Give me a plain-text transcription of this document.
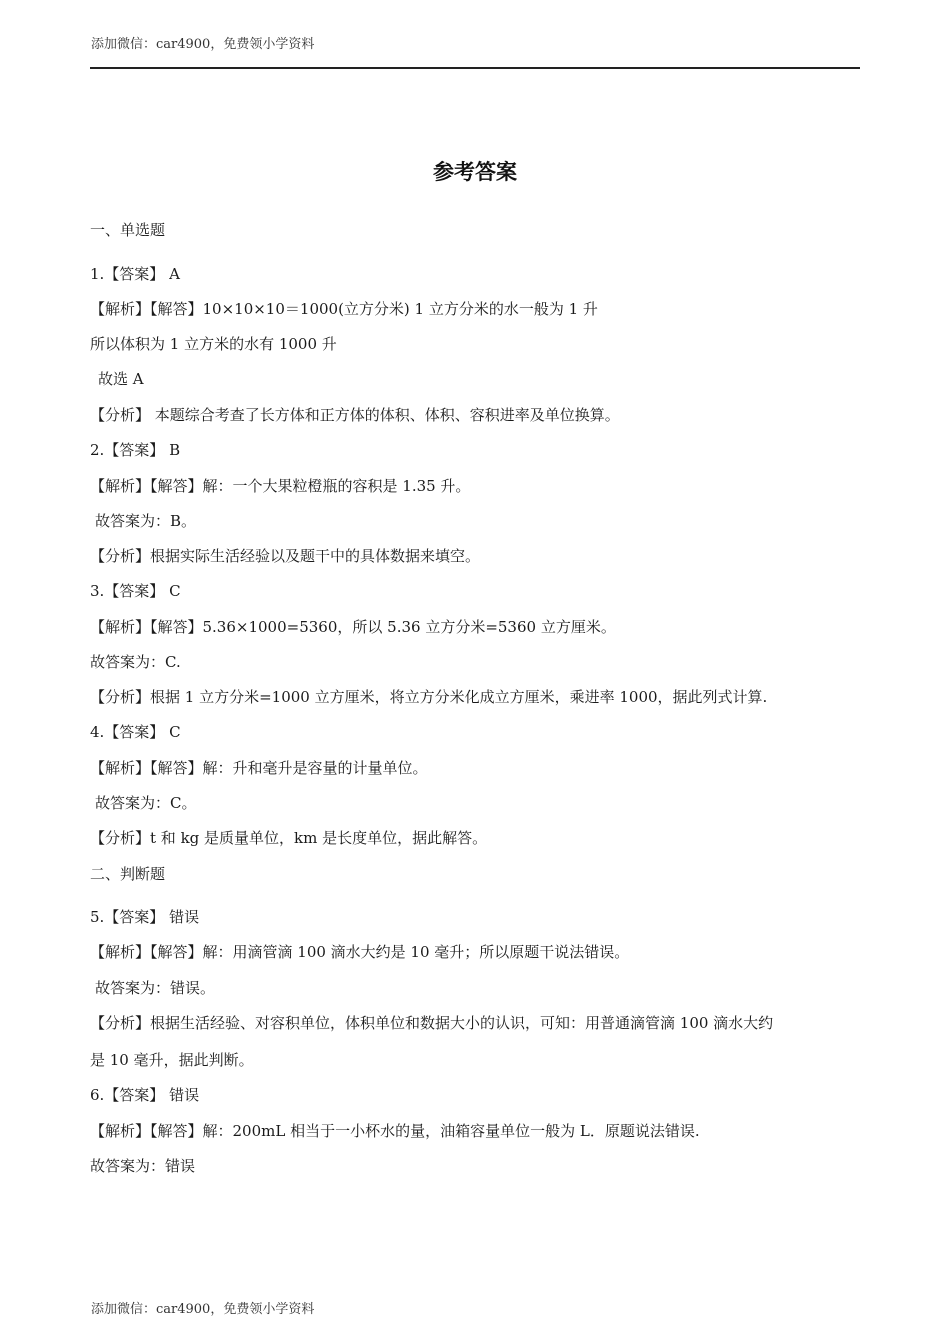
添加微信：car4900，免费领小学资料
参考答案
一、单选题
1.【答案】 A
【解析】【解答】10×10×10＝1000(立方分米) 1 立方分米的水一般为 1 升
所以体积为 1 立方米的水有 1000 升
故选 A
【分析】 本题综合考查了长方体和正方体的体积、体积、容积进率及单位换算。
2.【答案】 B
【解析】【解答】解：一个大果粒橙瓶的容积是 1.35 升。
故答案为：B。
【分析】根据实际生活经验以及题干中的具体数据来填空。
3.【答案】 C
【解析】【解答】5.36×1000=5360，所以 5.36 立方分米=5360 立方厘米。
故答案为：C.
【分析】根据 1 立方分米=1000 立方厘米，将立方分米化成立方厘米，乘进率 1000，据此列式计算.
4.【答案】 C
【解析】【解答】解：升和毫升是容量的计量单位。
故答案为：C。
【分析】t 和 kg 是质量单位，km 是长度单位，据此解答。
二、判断题
5.【答案】 错误
【解析】【解答】解：用滴管滴 100 滴水大约是 10 毫升；所以原题干说法错误。
故答案为：错误。
【分析】根据生活经验、对容积单位，体积单位和数据大小的认识，可知：用普通滴管滴 100 滴水大约
是 10 毫升，据此判断。
6.【答案】 错误
【解析】【解答】解：200mL 相当于一小杯水的量，油箱容量单位一般为 L．原题说法错误.
故答案为：错误
添加微信：car4900，免费领小学资料
